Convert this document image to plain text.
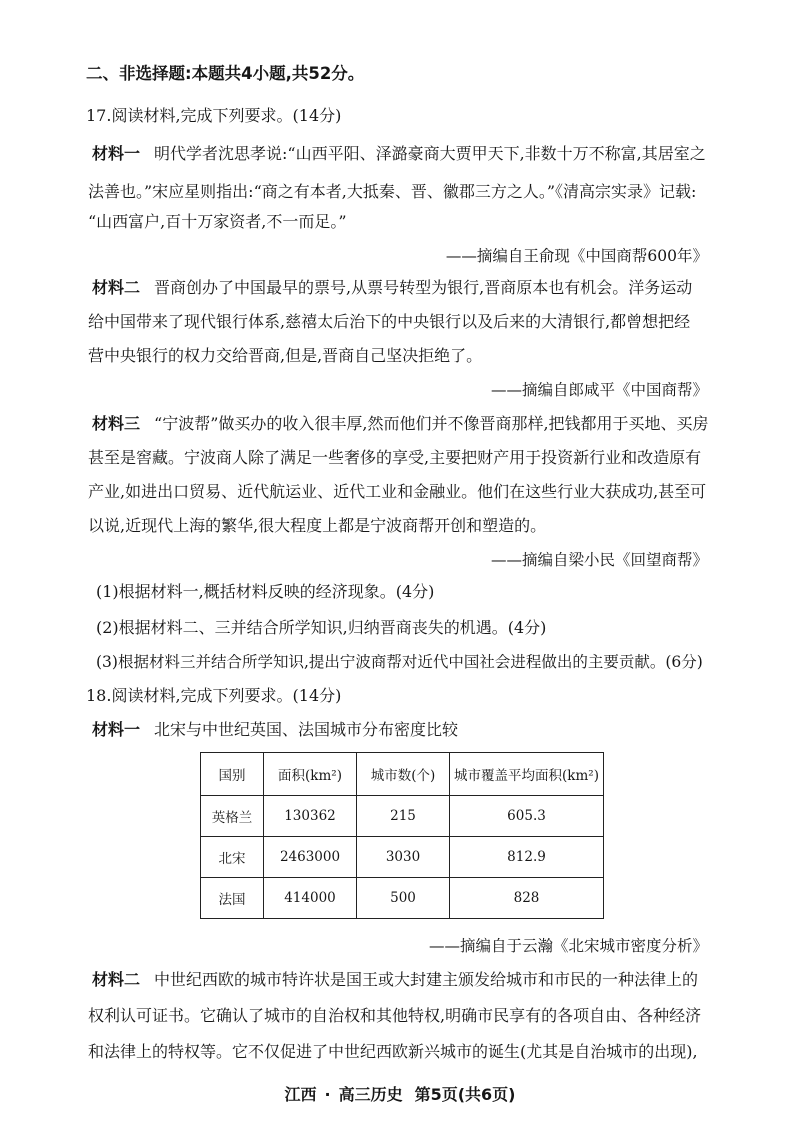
二、非选择题:本题共4小题,共52分。
17.阅读材料,完成下列要求。(14分)
材料一 明代学者沈思孝说:“山西平阳、泽潞豪商大贾甲天下,非数十万不称富,其居室之
法善也。”宋应星则指出:“商之有本者,大抵秦、晋、徽郡三方之人。”《清高宗实录》记载:
“山西富户,百十万家资者,不一而足。”
——摘编自王俞现《中国商帮600年》
材料二 晋商创办了中国最早的票号,从票号转型为银行,晋商原本也有机会。洋务运动
给中国带来了现代银行体系,慈禧太后治下的中央银行以及后来的大清银行,都曾想把经
营中央银行的权力交给晋商,但是,晋商自己坚决拒绝了。
——摘编自郎咸平《中国商帮》
材料三 “宁波帮”做买办的收入很丰厚,然而他们并不像晋商那样,把钱都用于买地、买房
甚至是窖藏。宁波商人除了满足一些奢侈的享受,主要把财产用于投资新行业和改造原有
产业,如进出口贸易、近代航运业、近代工业和金融业。他们在这些行业大获成功,甚至可
以说,近现代上海的繁华,很大程度上都是宁波商帮开创和塑造的。
——摘编自梁小民《回望商帮》
(1)根据材料一,概括材料反映的经济现象。(4分)
(2)根据材料二、三并结合所学知识,归纳晋商丧失的机遇。(4分)
(3)根据材料三并结合所学知识,提出宁波商帮对近代中国社会进程做出的主要贡献。(6分)
18.阅读材料,完成下列要求。(14分)
材料一 北宋与中世纪英国、法国城市分布密度比较
国别	面积(km²)	城市数(个)	城市覆盖平均面积(km²)
英格兰	130362	215	605.3
北宋	2463000	3030	812.9
法国	414000	500	828
——摘编自于云瀚《北宋城市密度分析》
材料二 中世纪西欧的城市特许状是国王或大封建主颁发给城市和市民的一种法律上的
权利认可证书。它确认了城市的自治权和其他特权,明确市民享有的各项自由、各种经济
和法律上的特权等。它不仅促进了中世纪西欧新兴城市的诞生(尤其是自治城市的出现),
江西 · 高三历史 第5页(共6页)
